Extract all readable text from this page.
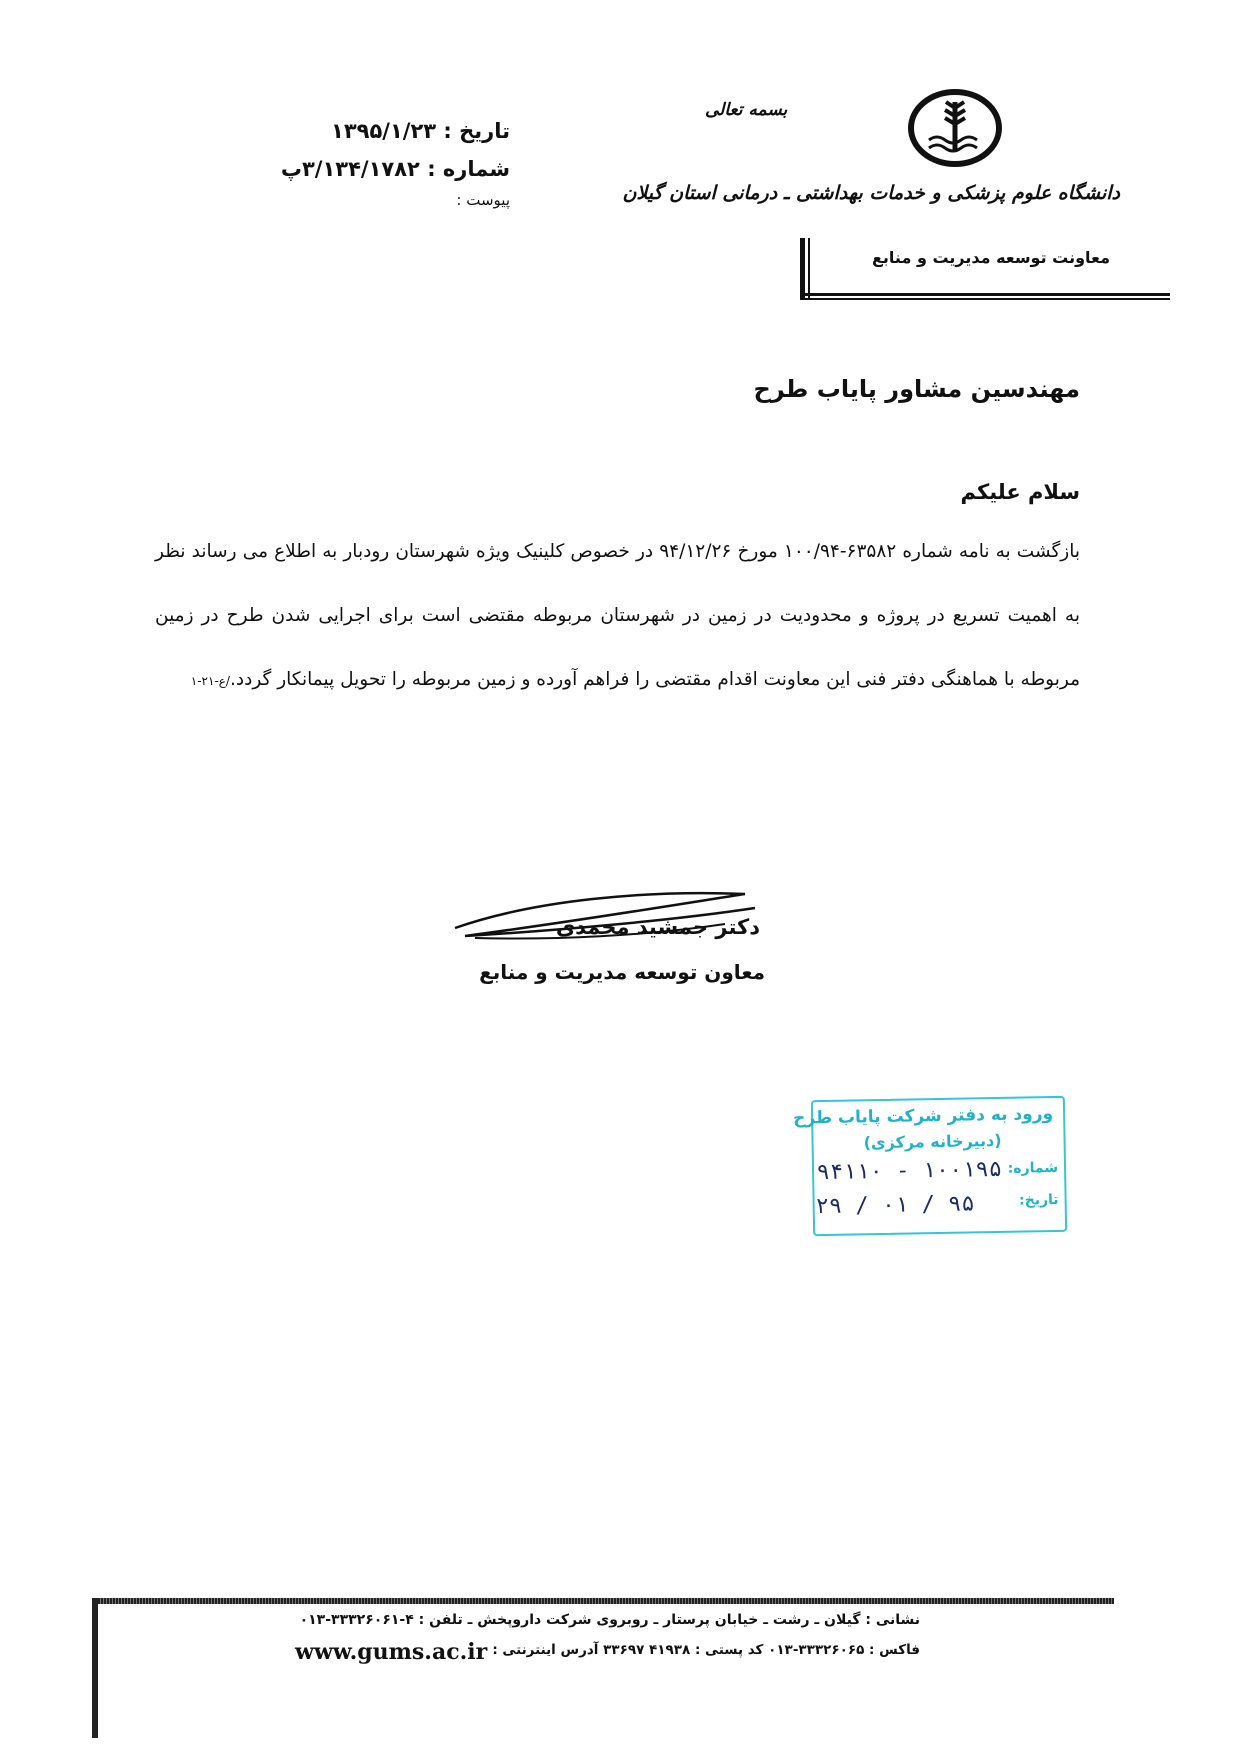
تاریخ : ۱۳۹۵/۱/۲۳
شماره : ۳/۱۳۴/۱۷۸۲پ
پیوست :
بسمه تعالی
دانشگاه علوم پزشکی و خدمات بهداشتی ـ درمانی استان گیلان
معاونت توسعه مدیریت و منابع
مهندسین مشاور پایاب طرح
سلام علیکم
بازگشت به نامه شماره ۶۳۵۸۲-۱۰۰/۹۴ مورخ ۹۴/۱۲/۲۶ در خصوص کلینیک ویژه شهرستان رودبار به اطلاع می رساند نظر به اهمیت تسریع در پروژه و محدودیت در زمین در شهرستان مربوطه مقتضی است برای اجرایی شدن طرح در زمین مربوطه با هماهنگی دفتر فنی این معاونت اقدام مقتضی را فراهم آورده و زمین مربوطه را تحویل پیمانکار گردد./ع-۲۱-۱
دکتر جمشید محمدی
معاون توسعه مدیریت و منابع
ورود به دفتر شرکت پایاب طرح
(دبیرخانه مرکزی)
شماره:
۱۰۰۱۹۵ - ۹۴۱۱۰
تاریخ:
۹۵ / ۰۱ / ۲۹
نشانی : گیلان ـ رشت ـ خیابان پرستار ـ روبروی شرکت داروپخش ـ تلفن : ۴-۳۳۳۲۶۰۶۱-۰۱۳
فاکس : ۳۳۳۲۶۰۶۵-۰۱۳ کد پستی : ۴۱۹۳۸ ۳۳۶۹۷ آدرس اینترنتی :
www.gums.ac.ir
